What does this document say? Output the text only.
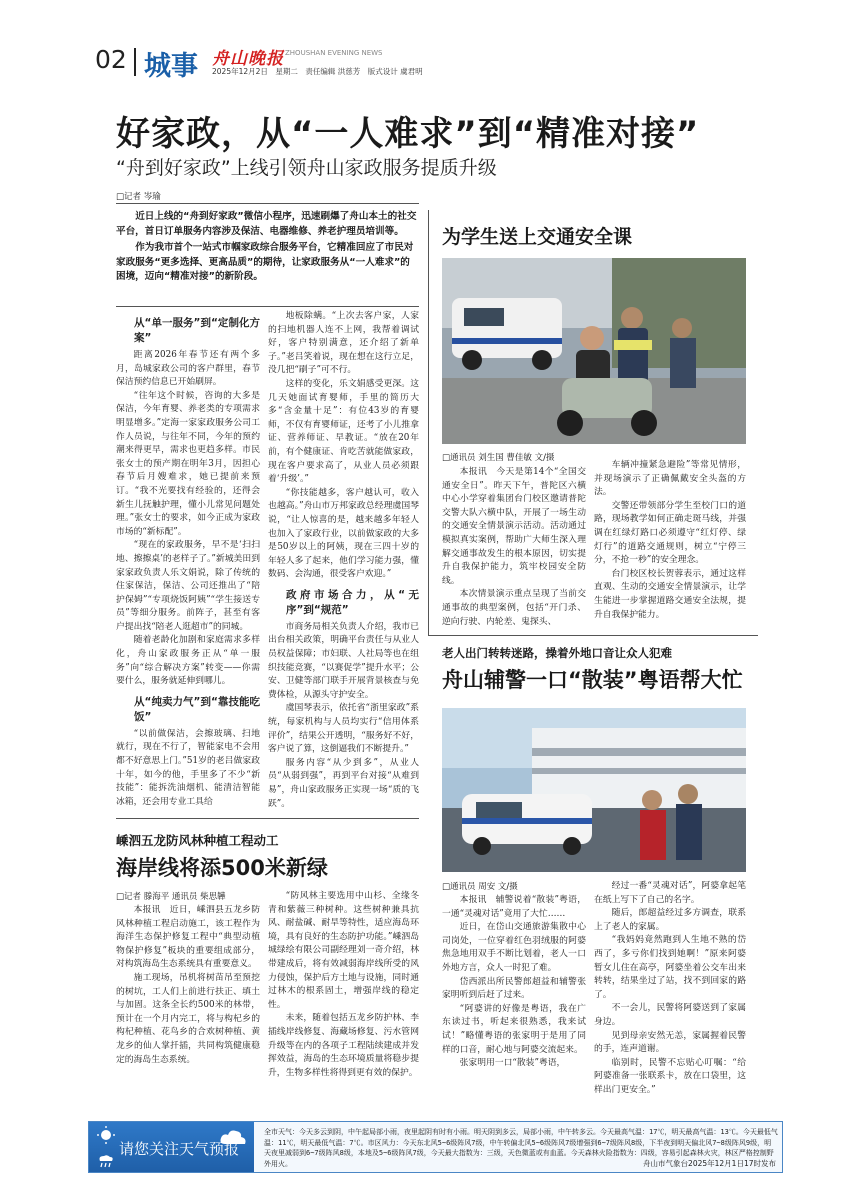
02 城事 舟山晚报 ZHOUSHAN EVENING NEWS
2025年12月2日　星期二　责任编辑 洪慈芳　版式设计 虞君明
好家政，从“一人难求”到“精准对接”
“舟到好家政”上线引领舟山家政服务提质升级
□记者 岑瑜

近日上线的“舟到好家政”微信小程序，迅速刷爆了舟山本土的社交平台，首日订单服务内容涉及保洁、电器维修、养老护理员培训等。

作为我市首个一站式市帼家政综合服务平台，它精准回应了市民对家政服务“更多选择、更高品质”的期待，让家政服务从“一人难求”的困境，迈向“精准对接”的新阶段。

从“单一服务”到“定制化方案”

距离2026年春节还有两个多月，岛城家政公司的客户群里，春节保洁预约信息已开始刷屏。

“往年这个时候，咨询的大多是保洁，今年育婴、养老类的专项需求明显增多。”定海一家家政服务公司工作人员说，与往年不同，今年的预约潮来得更早，需求也更趋多样。市民张女士的预产期在明年3月，因担心春节后月嫂难求，她已提前来预订。“我不光要找有经验的，还得会新生儿抚触护理，懂小儿常见问题处理。”张女士的要求，如今正成为家政市场的“新标配”。

“现在的家政服务，早不是‘扫扫地、擦擦桌’的老样子了。”新城美田到家家政负责人乐文娟说，除了传统的住家保洁，保洁、公司还推出了“陪护保姆”“专项烧饭阿姨”“学生接送专员”等细分服务。前阵子，甚至有客户提出找“陪老人逛超市”的同城。

随着老龄化加剧和家庭需求多样化，舟山家政服务正从“单一服务”向“综合解决方案”转变——你需要什么，服务就延伸到哪儿。

从“纯卖力气”到“靠技能吃饭”

“以前做保洁，会擦玻璃、扫地就行，现在不行了，智能家电不会用都不好意思上门。”51岁的老吕做家政十年，如今的他，手里多了不少“新技能”：能拆洗油烟机、能清洁智能冰箱，还会用专业工具给

地板除螨。“上次去客户家，人家的扫地机器人连不上网，我帮着调试好，客户特别满意，还介绍了新单子。”老吕笑着说，现在想在这行立足，没几把“刷子”可不行。

这样的变化，乐文娟感受更深。这几天她面试育婴师，手里的简历大多“含金量十足”：有位43岁的育婴师，不仅有育婴师证，还考了小儿推拿证、营养师证、早教证。“放在20年前，有个健康证、肯吃苦就能做家政，现在客户要求高了，从业人员必须跟着‘升级’。”

“你技能越多，客户越认可，收入也越高。”舟山市万邦家政总经理虞国琴说，“让人惊喜的是，越来越多年轻人也加入了家政行业，以前做家政的大多是50岁以上的阿姨，现在三四十岁的年轻人多了起来，他们学习能力强，懂数码、会沟通，很受客户欢迎。”

政府市场合力，从“无序”到“规范”

市商务局相关负责人介绍，我市已出台相关政策，明确平台责任与从业人员权益保障；市妇联、人社局等也在组织技能竞赛，“以赛促学”提升水平；公安、卫健等部门联手开展背景核查与免费体检，从源头守护安全。

虞国琴表示，依托省“浙里家政”系统，每家机构与人员均实行“信用体系评价”，结果公开透明，“服务好不好，客户说了算，这倒逼我们不断提升。”

服务内容“从少到多”，从业人员“从弱到强”，再到平台对接“从难到易”，舟山家政服务正实现一场“质的飞跃”。

为学生送上交通安全课
□通讯员 刘生国 曹佳敏 文/摄

本报讯　今天是第14个“全国交通安全日”。昨天下午，普陀区六横中心小学穿着集团台门校区邀请普陀交警大队六横中队，开展了一场生动的交通安全情景演示活动。活动通过模拟真实案例，帮助广大师生深入理解交通事故发生的根本原因，切实提升自我保护能力，筑牢校园安全防线。

本次情景演示重点呈现了当前交通事故的典型案例，包括“开门杀、逆向行驶、内轮差、鬼探头、

车辆冲撞紧急避险”等常见情形，并现场演示了正确佩戴安全头盔的方法。

交警还带领部分学生至校门口的道路，现场教学如何正确走斑马线，并强调在红绿灯路口必须遵守“红灯停、绿灯行”的道路交通规则，树立“宁停三分，不抢一秒”的安全理念。

台门校区校长贺蓉表示，通过这样直观、生动的交通安全情景演示，让学生能进一步掌握道路交通安全法规，提升自我保护能力。

老人出门转转迷路，操着外地口音让众人犯难
舟山辅警一口“散装”粤语帮大忙
□通讯员 周安 文/摄

本报讯　辅警说着“散装”粤语，一通“灵魂对话”竟用了大忙……

近日，在岱山交通旅游集散中心司岗处，一位穿着红色羽绒服的阿婆焦急地用双手不断比划着，老人一口外地方言，众人一时犯了难。

岱西派出所民警郎超益和辅警张家明听到后赶了过来。

“阿婆讲的好像是粤语，我在广东读过书，听起来很熟悉，我来试试！”略懂粤语的张家明于是用了同样的口音，耐心地与阿婆交流起来。

张家明用一口“散装”粤语，

经过一番“灵魂对话”，阿婆拿起笔在纸上写下了自己的名字。

随后，郎超益经过多方调查，联系上了老人的家属。

“我妈妈竟然跑到人生地不熟的岱西了，多亏你们找到她啊！”原来阿婆暂女儿住在高亭，阿婆坐着公交车出来转转，结果坐过了站，找不到回家的路了。

不一会儿，民警将阿婆送到了家属身边。

见到母亲安然无恙，家属握着民警的手，连声道谢。

临别时，民警不忘贴心叮嘱：“给阿婆准备一张联系卡，放在口袋里，这样出门更安全。”

嵊泗五龙防风林种植工程动工
海岸线将添500米新绿
□记者 滕海平 通讯员 柴思韡

本报讯　近日，嵊泗县五龙乡防风林种植工程启动施工，该工程作为海洋生态保护修复工程中“典型动植物保护修复”板块的重要组成部分，对构筑海岛生态系统具有重要意义。

施工现场，吊机将树苗吊至预挖的树坑，工人们上前进行扶正、填土与加固。这条全长约500米的林带，预计在一个月内完工，将与构杞乡的构杞种植、花鸟乡的合欢树种植、黄龙乡的仙人掌扦插，共同构筑健康稳定的海岛生态系统。

“防风林主要选用中山杉、全缘冬青和紫薇三种树种。这些树种兼具抗风、耐盐碱、耐旱等特性，适应海岛环境，具有良好的生态防护功能。”嵊泗岛城绿绘有限公司副经理刘一奇介绍，林带建成后，将有效减弱海岸线所受的风力侵蚀，保护后方土地与设施，同时通过林木的根系固土，增强岸线的稳定性。

未来，随着包括五龙乡防护林、李插线岸线修复、海藏场修复、污水管网升级等在内的各项子工程陆续建成并发挥效益，海岛的生态环境质量将稳步提升，生物多样性将得到更有效的保护。

请您关注天气预报
全市天气：今天多云到阴，中午起局部小雨，夜里起阴有时有小雨。明天阴到多云，局部小雨，中午转多云。今天最高气温：17℃，明天最高气温：13℃。今天最低气温：11℃，明天最低气温：7℃。市区风力：今天东北风5~6级阵风7级，中午转偏北风5~6级阵风7级增强到6~7级阵风8级，下半夜到明天偏北风7~8级阵风9级，明天夜里减弱到6~7级阵风8级，本地及5~6级阵风7级，今天最大指数为：三级，天色微蓝或有血蓝。今天森林火险指数为：四级，容易引起森林火灾，林区严格控制野外用火。	舟山市气象台2025年12月1日17时发布
